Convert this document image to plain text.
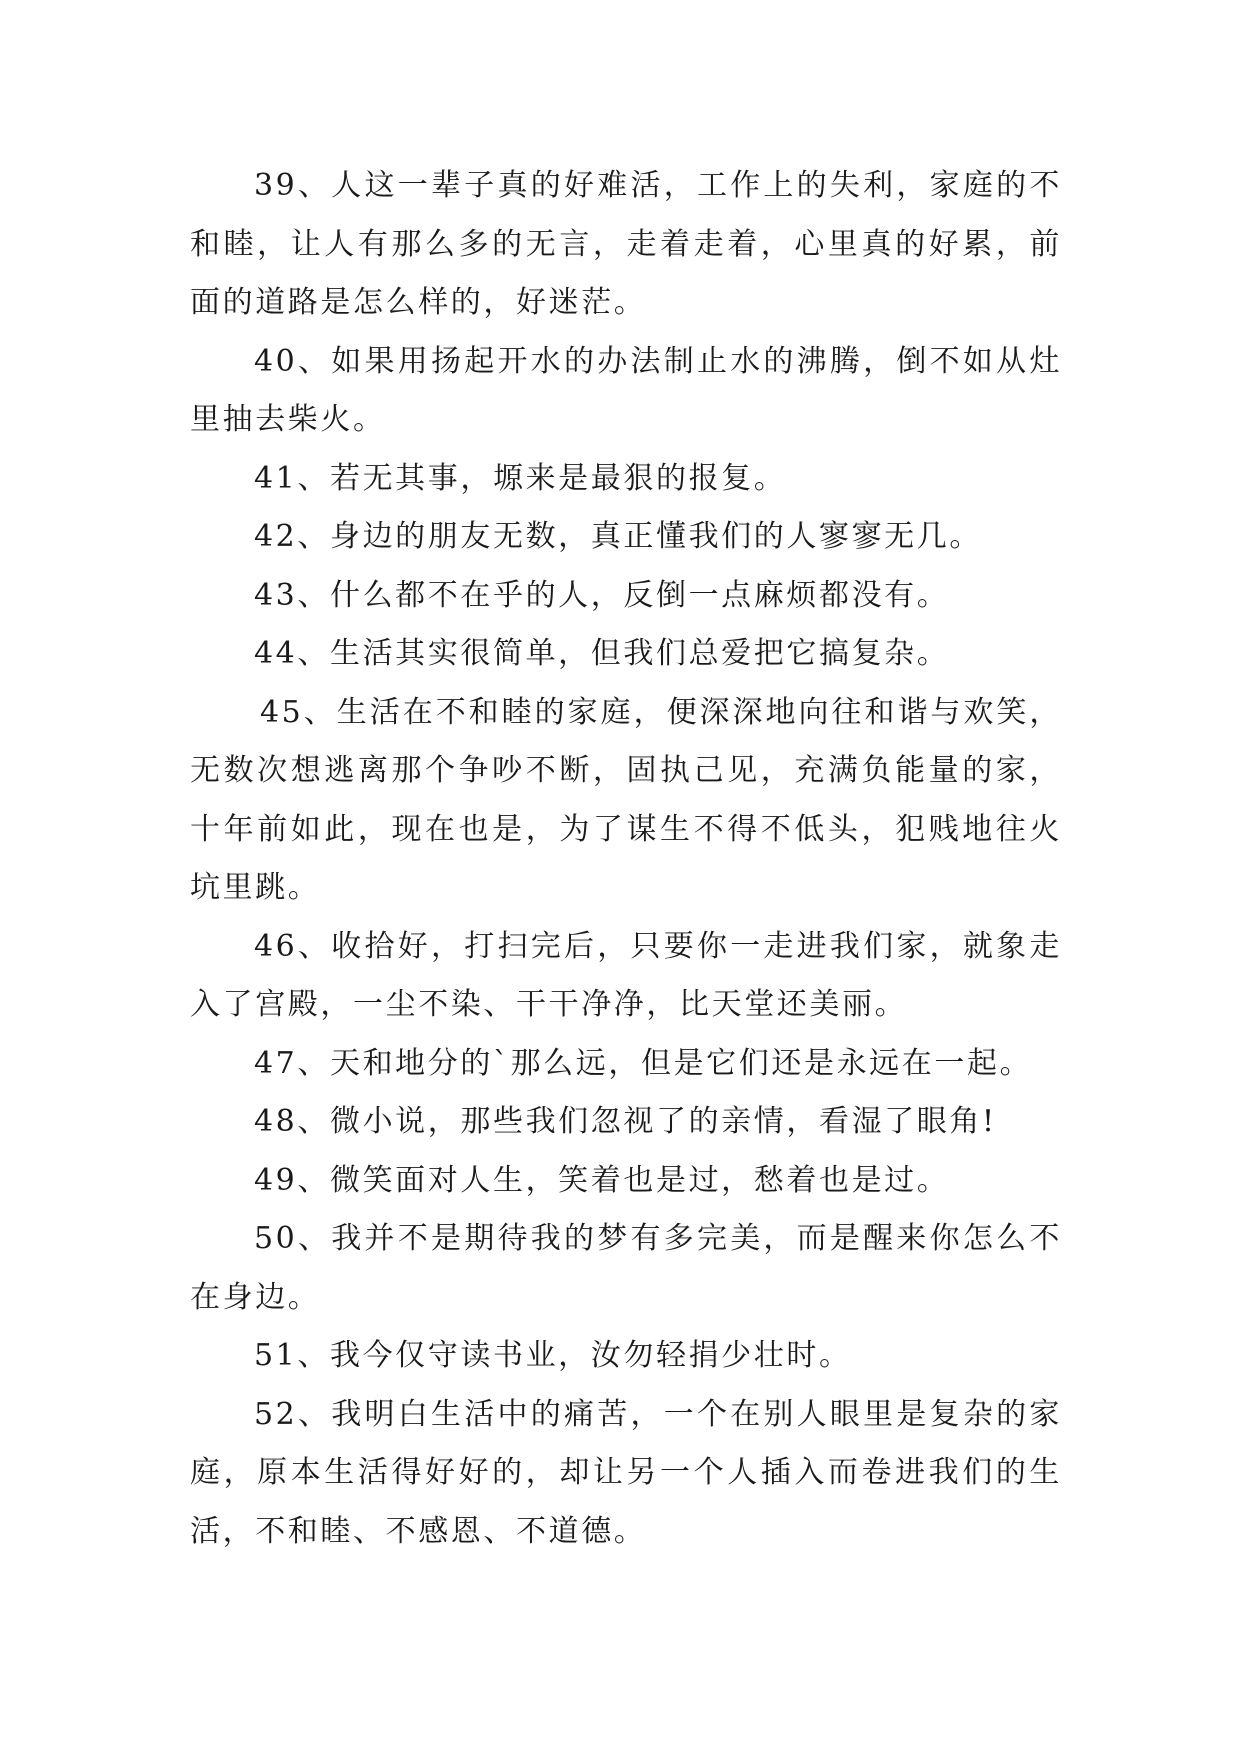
39、人这一辈子真的好难活，工作上的失利，家庭的不和睦，让人有那么多的无言，走着走着，心里真的好累，前面的道路是怎么样的，好迷茫。

40、如果用扬起开水的办法制止水的沸腾，倒不如从灶里抽去柴火。

41、若无其事，塬来是最狠的报复。

42、身边的朋友无数，真正懂我们的人寥寥无几。

43、什么都不在乎的人，反倒一点麻烦都没有。

44、生活其实很简单，但我们总爱把它搞复杂。

45、生活在不和睦的家庭，便深深地向往和谐与欢笑，无数次想逃离那个争吵不断，固执己见，充满负能量的家，十年前如此，现在也是，为了谋生不得不低头，犯贱地往火坑里跳。

46、收拾好，打扫完后，只要你一走进我们家，就象走入了宫殿，一尘不染、干干净净，比天堂还美丽。

47、天和地分的`那么远，但是它们还是永远在一起。

48、微小说，那些我们忽视了的亲情，看湿了眼角!

49、微笑面对人生，笑着也是过，愁着也是过。

50、我并不是期待我的梦有多完美，而是醒来你怎么不在身边。

51、我今仅守读书业，汝勿轻捐少壮时。

52、我明白生活中的痛苦，一个在别人眼里是复杂的家庭，原本生活得好好的，却让另一个人插入而卷进我们的生活，不和睦、不感恩、不道德。
